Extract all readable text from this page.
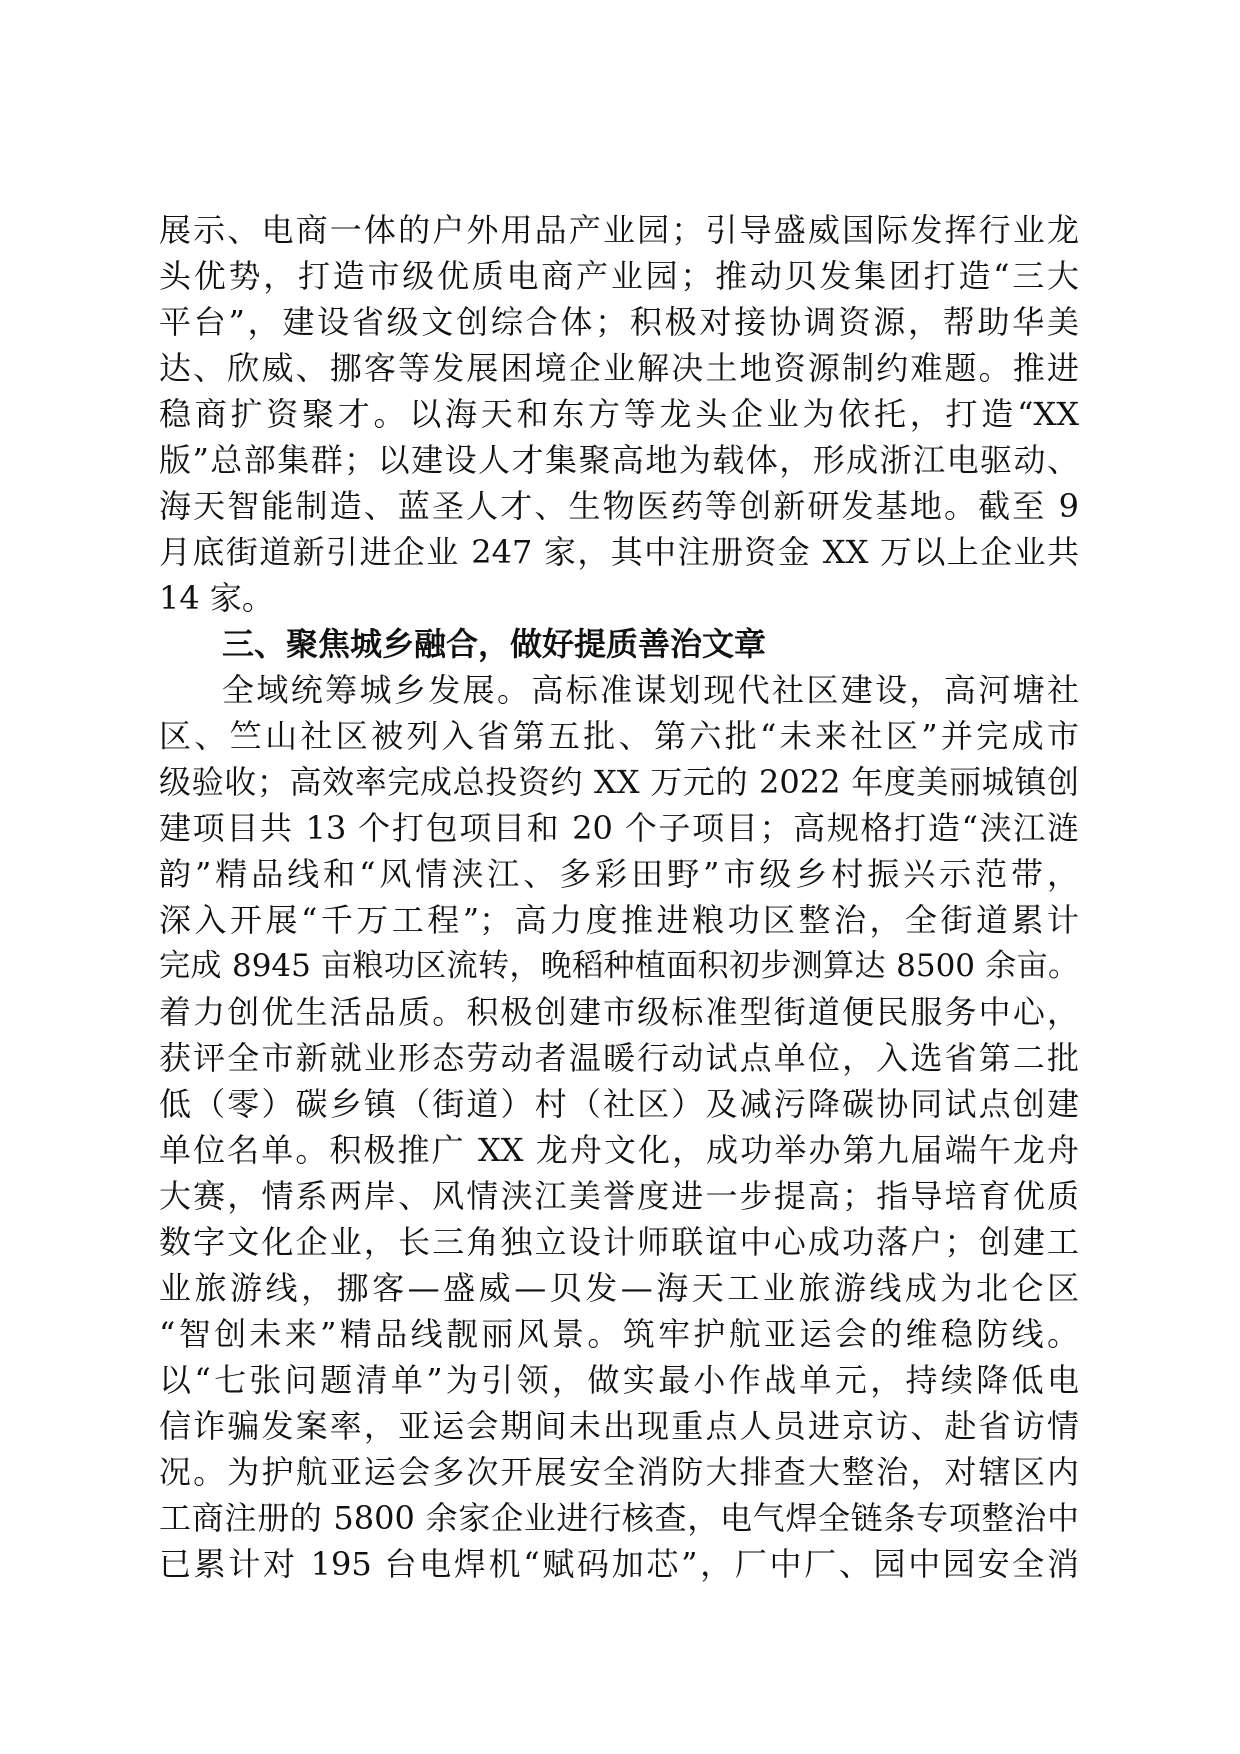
展示、电商一体的户外用品产业园；引导盛威国际发挥行业龙
头优势，打造市级优质电商产业园；推动贝发集团打造“三大
平台”，建设省级文创综合体；积极对接协调资源，帮助华美
达、欣威、挪客等发展困境企业解决土地资源制约难题。推进
稳商扩资聚才。以海天和东方等龙头企业为依托，打造“XX
版”总部集群；以建设人才集聚高地为载体，形成浙江电驱动、
海天智能制造、蓝圣人才、生物医药等创新研发基地。截至 9
月底街道新引进企业 247 家，其中注册资金 XX 万以上企业共
14 家。
三、聚焦城乡融合，做好提质善治文章
全域统筹城乡发展。高标准谋划现代社区建设，高河塘社
区、竺山社区被列入省第五批、第六批“未来社区”并完成市
级验收；高效率完成总投资约 XX 万元的 2022 年度美丽城镇创
建项目共 13 个打包项目和 20 个子项目；高规格打造“浃江涟
韵”精品线和“风情浃江、多彩田野”市级乡村振兴示范带，
深入开展“千万工程”；高力度推进粮功区整治，全街道累计
完成 8945 亩粮功区流转，晚稻种植面积初步测算达 8500 余亩。
着力创优生活品质。积极创建市级标准型街道便民服务中心，
获评全市新就业形态劳动者温暖行动试点单位，入选省第二批
低（零）碳乡镇（街道）村（社区）及减污降碳协同试点创建
单位名单。积极推广 XX 龙舟文化，成功举办第九届端午龙舟
大赛，情系两岸、风情浃江美誉度进一步提高；指导培育优质
数字文化企业，长三角独立设计师联谊中心成功落户；创建工
业旅游线，挪客—盛威—贝发—海天工业旅游线成为北仑区
“智创未来”精品线靓丽风景。筑牢护航亚运会的维稳防线。
以“七张问题清单”为引领，做实最小作战单元，持续降低电
信诈骗发案率，亚运会期间未出现重点人员进京访、赴省访情
况。为护航亚运会多次开展安全消防大排查大整治，对辖区内
工商注册的 5800 余家企业进行核查，电气焊全链条专项整治中
已累计对 195 台电焊机“赋码加芯”，厂中厂、园中园安全消
